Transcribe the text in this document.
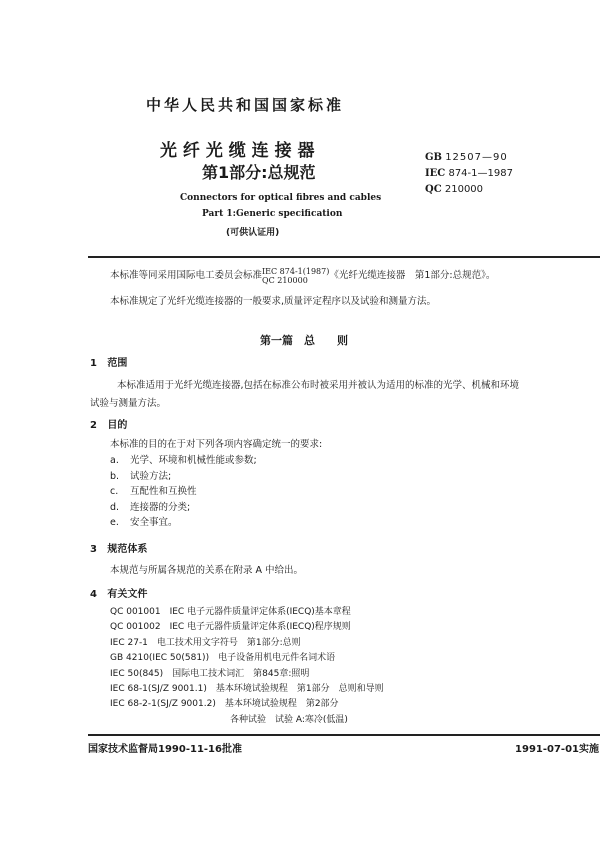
中华人民共和国国家标准
光 纤 光 缆 连 接 器
第1部分:总规范
Connectors for optical fibres and cables
Part 1:Generic specification
(可供认证用)
GB 12507—90
IEC 874-1—1987
QC 210000
本标准等同采用国际电工委员会标准 IEC 874-1(1987)
QC 210000	《光纤光缆连接器　第1部分:总规范》。
本标准规定了光纤光缆连接器的一般要求,质量评定程序以及试验和测量方法。
第一篇　总　　则
1 范围
本标准适用于光纤光缆连接器,包括在标准公布时被采用并被认为适用的标准的光学、机械和环境
试验与测量方法。
2 目的
本标准的目的在于对下列各项内容确定统一的要求:
a. 光学、环境和机械性能或参数;
b. 试验方法;
c. 互配性和互换性
d. 连接器的分类;
e. 安全事宜。
3 规范体系
本规范与所属各规范的关系在附录 A 中给出。
4 有关文件
QC 001001　IEC 电子元器件质量评定体系(IECQ)基本章程
QC 001002　IEC 电子元器件质量评定体系(IECQ)程序规则
IEC 27-1　电工技术用文字符号　第1部分:总则
GB 4210(IEC 50(581))　电子设备用机电元件名词术语
IEC 50(845)　国际电工技术词汇　第845章:照明
IEC 68-1(SJ/Z 9001.1)　基本环境试验规程　第1部分　总则和导则
IEC 68-2-1(SJ/Z 9001.2)　基本环境试验规程　第2部分
各种试验　试验 A:寒冷(低温)
国家技术监督局1990-11-16批准	1991-07-01实施
